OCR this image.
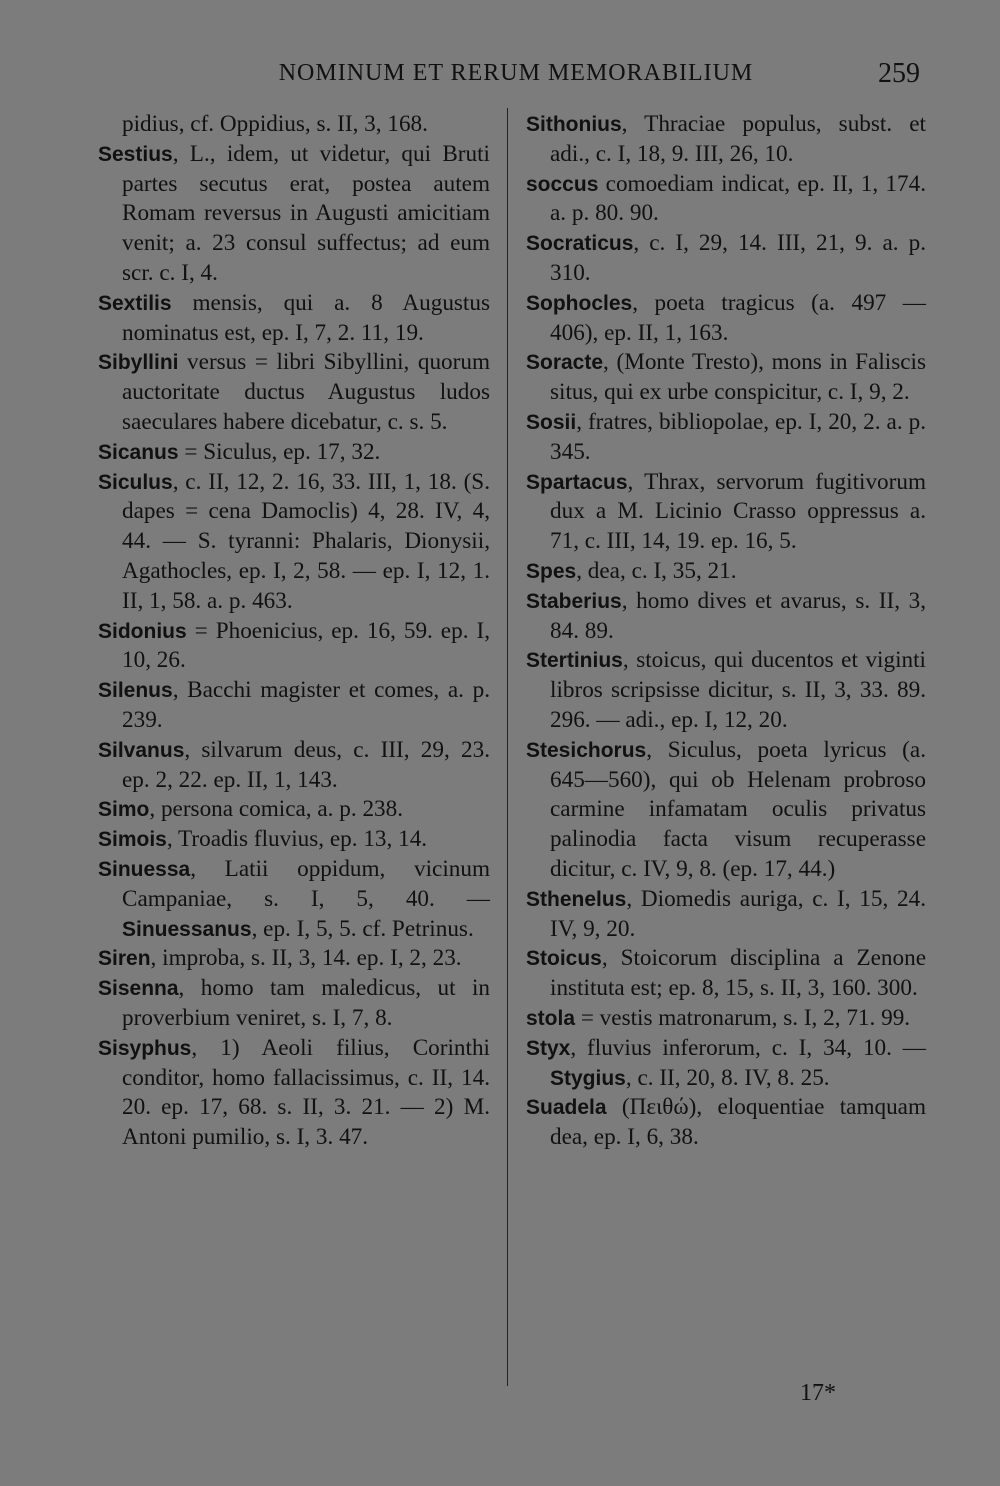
NOMINUM ET RERUM MEMORABILIUM	259
pidius, cf. Oppidius, s. II, 3, 168.
Sestius, L., idem, ut videtur, qui Bruti partes secutus erat, postea autem Romam reversus in Augusti amicitiam venit; a. 23 consul suffectus; ad eum scr. c. I, 4.
Sextilis mensis, qui a. 8 Augustus nominatus est, ep. I, 7, 2. 11, 19.
Sibyllini versus = libri Sibyllini, quorum auctoritate ductus Augustus ludos saeculares habere dicebatur, c. s. 5.
Sicanus = Siculus, ep. 17, 32.
Siculus, c. II, 12, 2. 16, 33. III, 1, 18. (S. dapes = cena Damoclis) 4, 28. IV, 4, 44. — S. tyranni: Phalaris, Dionysii, Agathocles, ep. I, 2, 58. — ep. I, 12, 1. II, 1, 58. a. p. 463.
Sidonius = Phoenicius, ep. 16, 59. ep. I, 10, 26.
Silenus, Bacchi magister et comes, a. p. 239.
Silvanus, silvarum deus, c. III, 29, 23. ep. 2, 22. ep. II, 1, 143.
Simo, persona comica, a. p. 238.
Simois, Troadis fluvius, ep. 13, 14.
Sinuessa, Latii oppidum, vicinum Campaniae, s. I, 5, 40. — Sinuessanus, ep. I, 5, 5. cf. Petrinus.
Siren, improba, s. II, 3, 14. ep. I, 2, 23.
Sisenna, homo tam maledicus, ut in proverbium veniret, s. I, 7, 8.
Sisyphus, 1) Aeoli filius, Corinthi conditor, homo fallacissimus, c. II, 14. 20. ep. 17, 68. s. II, 3. 21. — 2) M. Antoni pumilio, s. I, 3. 47.
Sithonius, Thraciae populus, subst. et adi., c. I, 18, 9. III, 26, 10.
soccus comoediam indicat, ep. II, 1, 174. a. p. 80. 90.
Socraticus, c. I, 29, 14. III, 21, 9. a. p. 310.
Sophocles, poeta tragicus (a. 497 — 406), ep. II, 1, 163.
Soracte, (Monte Tresto), mons in Faliscis situs, qui ex urbe conspicitur, c. I, 9, 2.
Sosii, fratres, bibliopolae, ep. I, 20, 2. a. p. 345.
Spartacus, Thrax, servorum fugitivorum dux a M. Licinio Crasso oppressus a. 71, c. III, 14, 19. ep. 16, 5.
Spes, dea, c. I, 35, 21.
Staberius, homo dives et avarus, s. II, 3, 84. 89.
Stertinius, stoicus, qui ducentos et viginti libros scripsisse dicitur, s. II, 3, 33. 89. 296. — adi., ep. I, 12, 20.
Stesichorus, Siculus, poeta lyricus (a. 645—560), qui ob Helenam probroso carmine infamatam oculis privatus palinodia facta visum recuperasse dicitur, c. IV, 9, 8. (ep. 17, 44.)
Sthenelus, Diomedis auriga, c. I, 15, 24. IV, 9, 20.
Stoicus, Stoicorum disciplina a Zenone instituta est; ep. 8, 15, s. II, 3, 160. 300.
stola = vestis matronarum, s. I, 2, 71. 99.
Styx, fluvius inferorum, c. I, 34, 10. — Stygius, c. II, 20, 8. IV, 8. 25.
Suadela (Πειθώ), eloquentiae tamquam dea, ep. I, 6, 38.
17*
